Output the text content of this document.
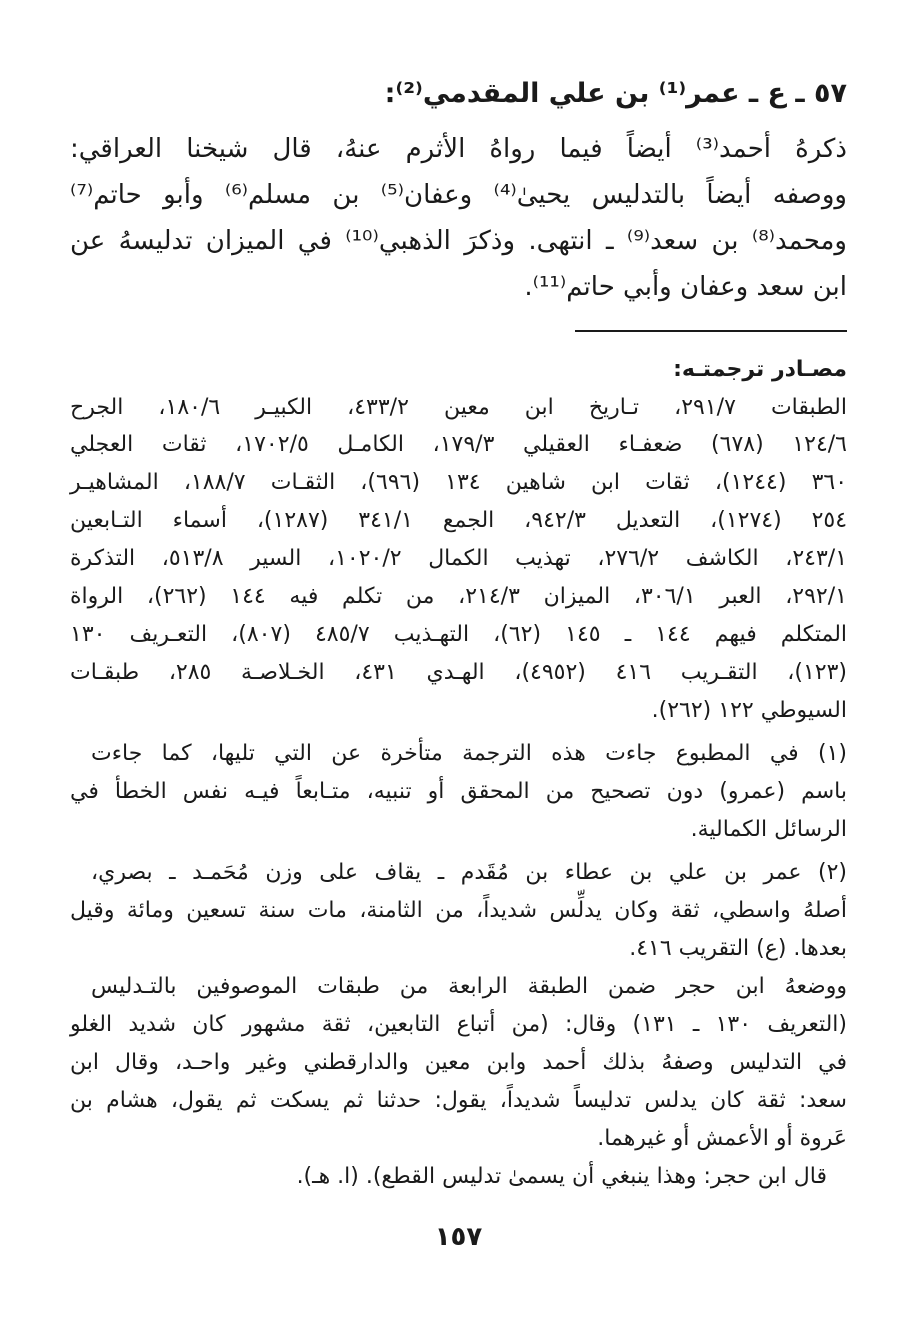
٥٧ ـ ع ـ عمر⁽¹⁾ بن علي المقدمي⁽²⁾:
ذكرهُ أحمد⁽³⁾ أيضاً فيما رواهُ الأثرم عنهُ، قال شيخنا العراقي:
ووصفه أيضاً بالتدليس يحيىٰ⁽⁴⁾ وعفان⁽⁵⁾ بن مسلم⁽⁶⁾ وأبو حاتم⁽⁷⁾
ومحمد⁽⁸⁾ بن سعد⁽⁹⁾ ـ انتهى. وذكرَ الذهبي⁽¹⁰⁾ في الميزان تدليسهُ عن
ابن سعد وعفان وأبي حاتم⁽¹¹⁾.
مصـادر ترجمتـه:
الطبقات ٢٩١/٧، تـاريخ ابن معين ٤٣٣/٢، الكبيـر ١٨٠/٦، الجرح
١٢٤/٦ (٦٧٨) ضعفـاء العقيلي ١٧٩/٣، الكامـل ١٧٠٢/٥، ثقات العجلي
٣٦٠ (١٢٤٤)، ثقات ابن شاهين ١٣٤ (٦٩٦)، الثقـات ١٨٨/٧، المشاهيـر
٢٥٤ (١٢٧٤)، التعديل ٩٤٢/٣، الجمع ٣٤١/١ (١٢٨٧)، أسماء التـابعين
٢٤٣/١، الكاشف ٢٧٦/٢، تهذيب الكمال ١٠٢٠/٢، السير ٥١٣/٨، التذكرة
٢٩٢/١، العبر ٣٠٦/١، الميزان ٢١٤/٣، من تكلم فيه ١٤٤ (٢٦٢)، الرواة
المتكلم فيهم ١٤٤ ـ ١٤٥ (٦٢)، التهـذيب ٤٨٥/٧ (٨٠٧)، التعـريف ١٣٠
(١٢٣)، التقـريب ٤١٦ (٤٩٥٢)، الهـدي ٤٣١، الخـلاصـة ٢٨٥، طبقـات
السيوطي ١٢٢ (٢٦٢).
(١) في المطبوع جاءت هذه الترجمة متأخرة عن التي تليها، كما جاءت
باسم (عمرو) دون تصحيح من المحقق أو تنبيه، متـابعاً فيـه نفس الخطأ في
الرسائل الكمالية.
(٢) عمر بن علي بن عطاء بن مُقَدم ـ يقاف على وزن مُحَمـد ـ بصري،
أصلهُ واسطي، ثقة وكان يدلِّس شديداً، من الثامنة، مات سنة تسعين ومائة وقيل
بعدها. (ع) التقريب ٤١٦.
ووضعهُ ابن حجر ضمن الطبقة الرابعة من طبقات الموصوفين بالتـدليس
(التعريف ١٣٠ ـ ١٣١) وقال: (من أتباع التابعين، ثقة مشهور كان شديد الغلو
في التدليس وصفهُ بذلك أحمد وابن معين والدارقطني وغير واحـد، وقال ابن
سعد: ثقة كان يدلس تدليساً شديداً، يقول: حدثنا ثم يسكت ثم يقول، هشام بن
عَروة أو الأعمش أو غيرهما.
قال ابن حجر: وهذا ينبغي أن يسمىٰ تدليس القطع). (ا. هـ).
١٥٧
